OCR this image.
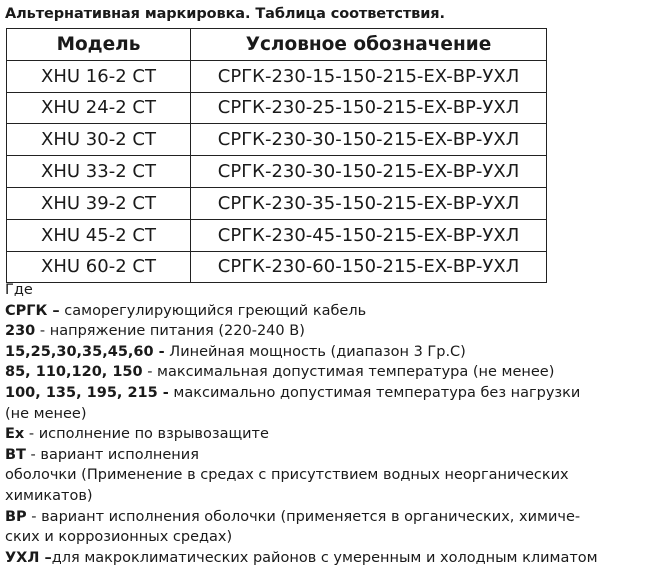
Альтернативная маркировка. Таблица соответствия.
Модель	Условное обозначение
XHU 16-2 CT	СРГК-230-15-150-215-EX-ВР-УХЛ
XHU 24-2 CT	СРГК-230-25-150-215-EX-ВР-УХЛ
XHU 30-2 CT	СРГК-230-30-150-215-EX-ВР-УХЛ
XHU 33-2 CT	СРГК-230-30-150-215-EX-ВР-УХЛ
XHU 39-2 CT	СРГК-230-35-150-215-EX-ВР-УХЛ
XHU 45-2 CT	СРГК-230-45-150-215-EX-ВР-УХЛ
XHU 60-2 CT	СРГК-230-60-150-215-EX-ВР-УХЛ
Где
СРГК – саморегулирующийся греющий кабель
230 - напряжение питания (220-240 В)
15,25,30,35,45,60 - Линейная мощность (диапазон 3 Гр.С)
85, 110,120, 150 - максимальная допустимая температура (не менее)
100, 135, 195, 215 - максимально допустимая температура без нагрузки
(не менее)
Ex - исполнение по взрывозащите
ВТ - вариант исполнения
оболочки (Применение в средах с присутствием водных неорганических
химикатов)
ВР - вариант исполнения оболочки (применяется в органических, химиче-
ских и коррозионных средах)
УХЛ –для макроклиматических районов с умеренным и холодным климатом
